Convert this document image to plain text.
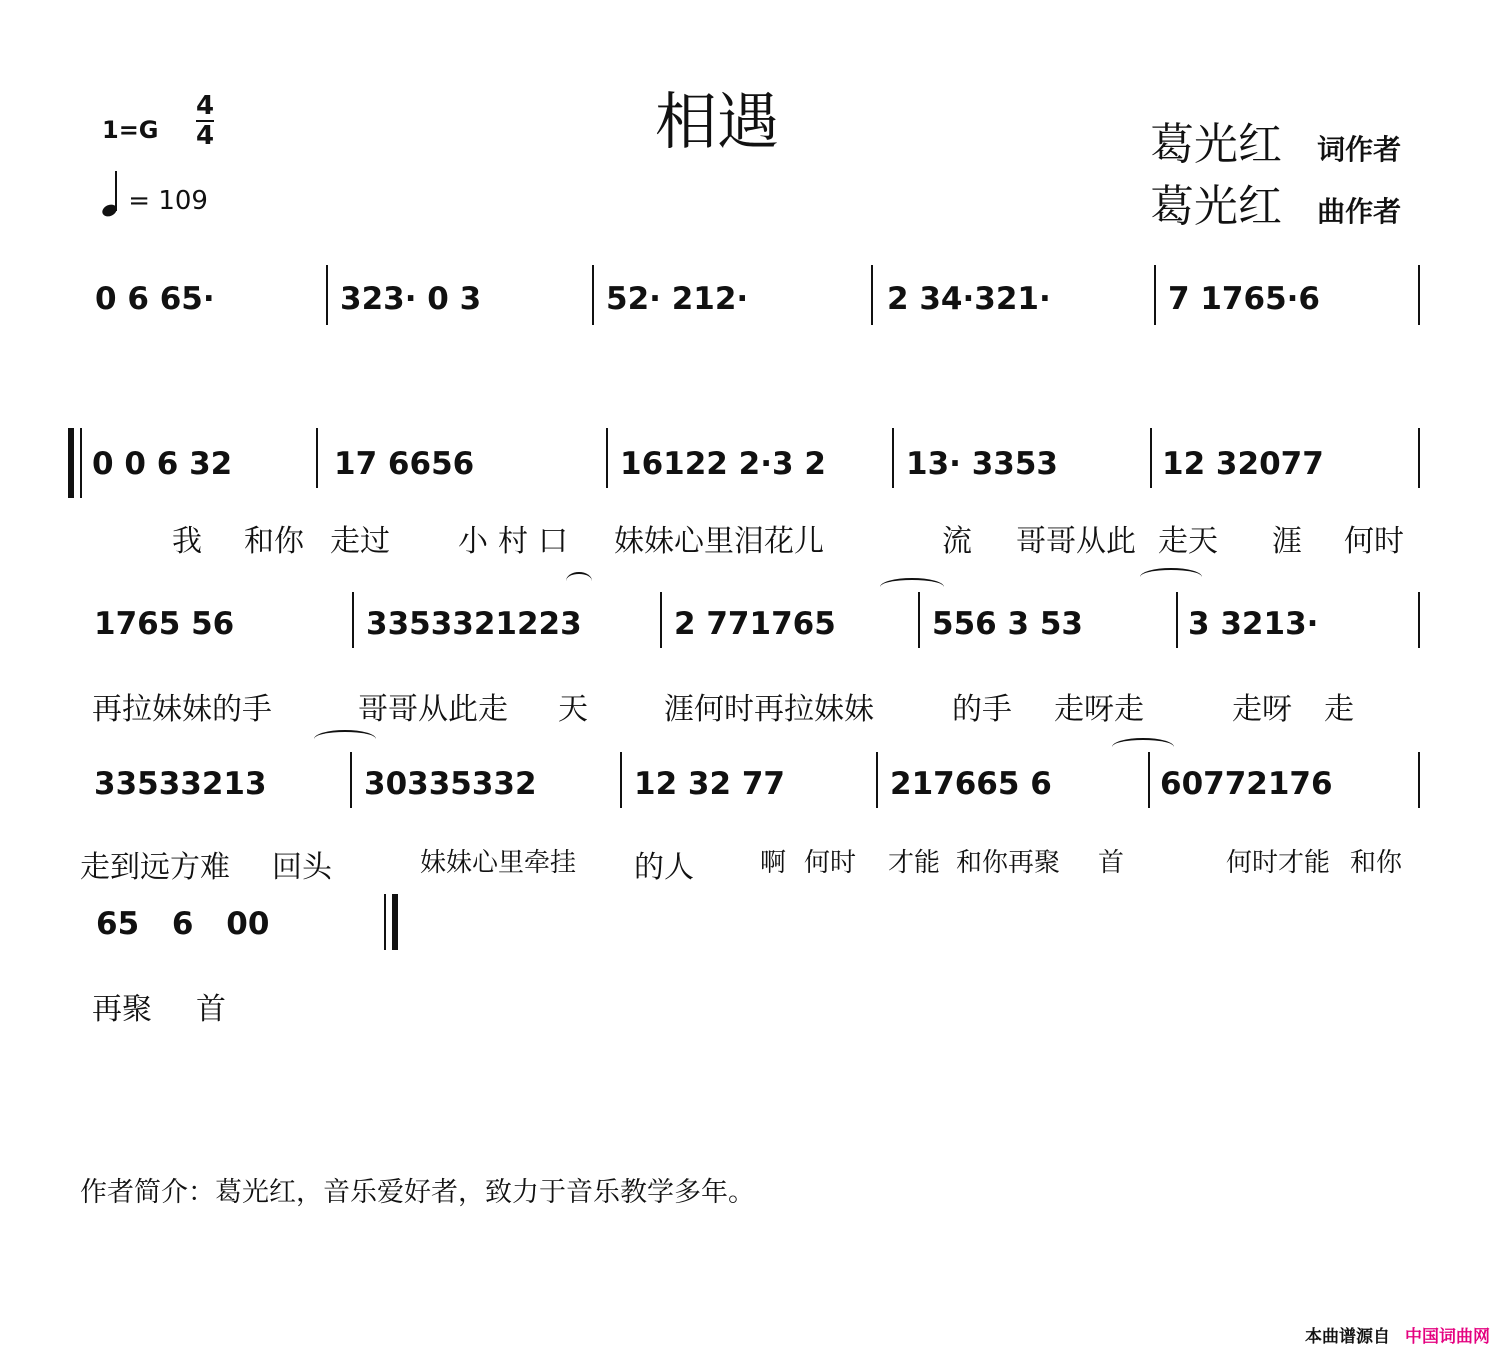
相遇
1=G
4
4
= 109
葛光红 词作者
葛光红 曲作者
0 6 65·	323· 0 3	52· 212·	2 34·321·	7 1765·6
0 0 6 32	17 6656	16122 2·3 2	13· 3353	12 32077
我 和你 走过 小村口 妹妹心里泪花儿	流 哥哥从此 走天 涯 何时
1765 56	3353321223	2 771765	556 3 53	3 3213·
再拉妹妹的手	哥哥从此走 天	涯何时再拉妹妹	的手 走呀走	走呀 走
33533213	30335332	12 32 77	217665 6	60772176
走到远方难 回头	妹妹心里牵挂 的人	啊 何时 才能 和你再聚 首	何时才能 和你
65 6 00
再聚 首
作者简介：葛光红，音乐爱好者，致力于音乐教学多年。
本曲谱源自 中国词曲网
